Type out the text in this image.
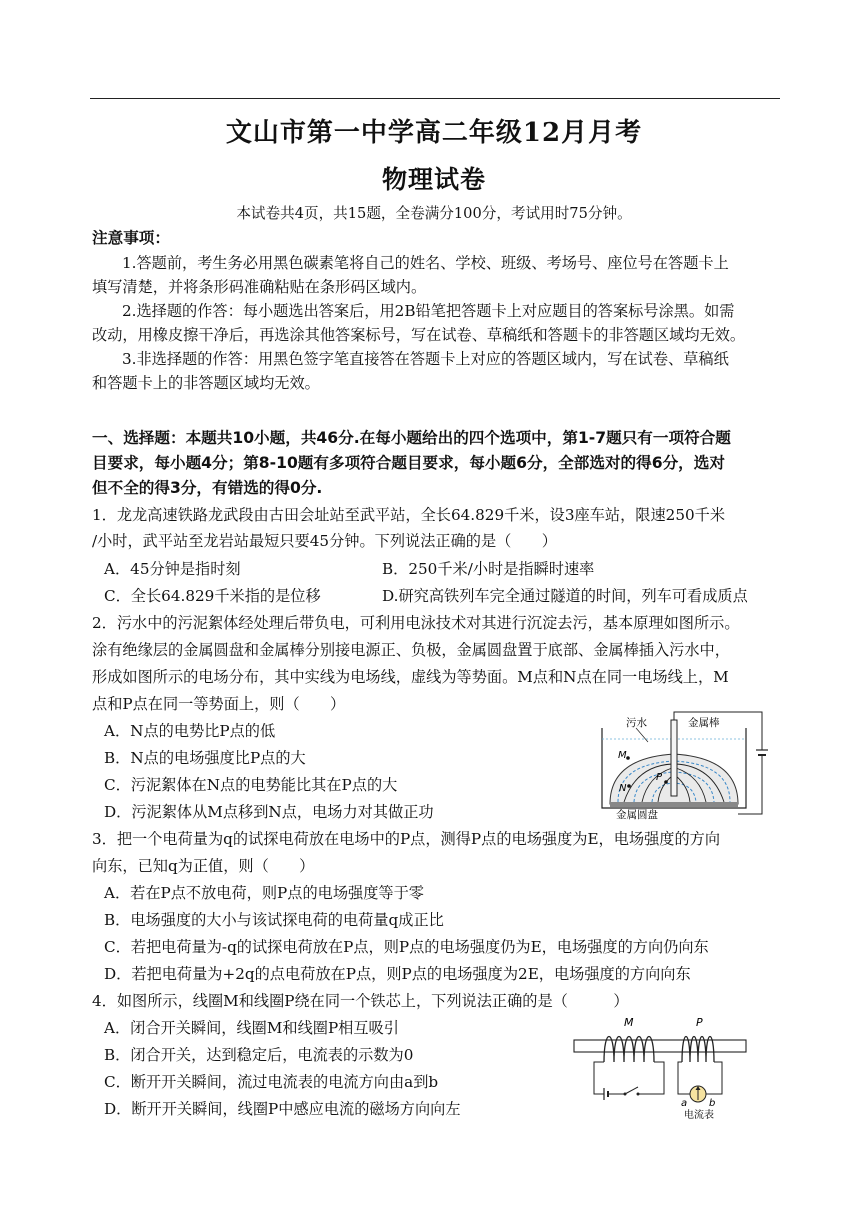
文山市第一中学高二年级12月月考
物理试卷
本试卷共4页，共15题，全卷满分100分，考试用时75分钟。
注意事项：
1.答题前，考生务必用黑色碳素笔将自己的姓名、学校、班级、考场号、座位号在答题卡上
填写清楚，并将条形码准确粘贴在条形码区域内。
2.选择题的作答：每小题选出答案后，用2B铅笔把答题卡上对应题目的答案标号涂黑。如需
改动，用橡皮擦干净后，再选涂其他答案标号，写在试卷、草稿纸和答题卡的非答题区域均无效。
3.非选择题的作答：用黑色签字笔直接答在答题卡上对应的答题区域内，写在试卷、草稿纸
和答题卡上的非答题区域均无效。
一、选择题：本题共10小题，共46分.在每小题给出的四个选项中，第1-7题只有一项符合题
目要求，每小题4分；第8-10题有多项符合题目要求，每小题6分，全部选对的得6分，选对
但不全的得3分，有错选的得0分.
1．龙龙高速铁路龙武段由古田会址站至武平站，全长64.829千米，设3座车站，限速250千米
/小时，武平站至龙岩站最短只要45分钟。下列说法正确的是（　　）
A．45分钟是指时刻	B．250千米/小时是指瞬时速率
C．全长64.829千米指的是位移	D.研究高铁列车完全通过隧道的时间，列车可看成质点
2．污水中的污泥絮体经处理后带负电，可利用电泳技术对其进行沉淀去污，基本原理如图所示。
涂有绝缘层的金属圆盘和金属棒分别接电源正、负极，金属圆盘置于底部、金属棒插入污水中，
形成如图所示的电场分布，其中实线为电场线，虚线为等势面。M点和N点在同一电场线上，M
点和P点在同一等势面上，则（　　）
A．N点的电势比P点的低
B．N点的电场强度比P点的大
C．污泥絮体在N点的电势能比其在P点的大
D．污泥絮体从M点移到N点，电场力对其做正功
M
N
P
污水	金属棒
金属圆盘
3．把一个电荷量为q的试探电荷放在电场中的P点，测得P点的电场强度为E，电场强度的方向
向东，已知q为正值，则（　　）
A．若在P点不放电荷，则P点的电场强度等于零
B．电场强度的大小与该试探电荷的电荷量q成正比
C．若把电荷量为-q的试探电荷放在P点，则P点的电场强度仍为E，电场强度的方向仍向东
D．若把电荷量为+2q的点电荷放在P点，则P点的电场强度为2E，电场强度的方向向东
4．如图所示，线圈M和线圈P绕在同一个铁芯上，下列说法正确的是（　　　）
A．闭合开关瞬间，线圈M和线圈P相互吸引
B．闭合开关，达到稳定后，电流表的示数为0
C．断开开关瞬间，流过电流表的电流方向由a到b
D．断开开关瞬间，线圈P中感应电流的磁场方向向左
M	P
a b
电流表
